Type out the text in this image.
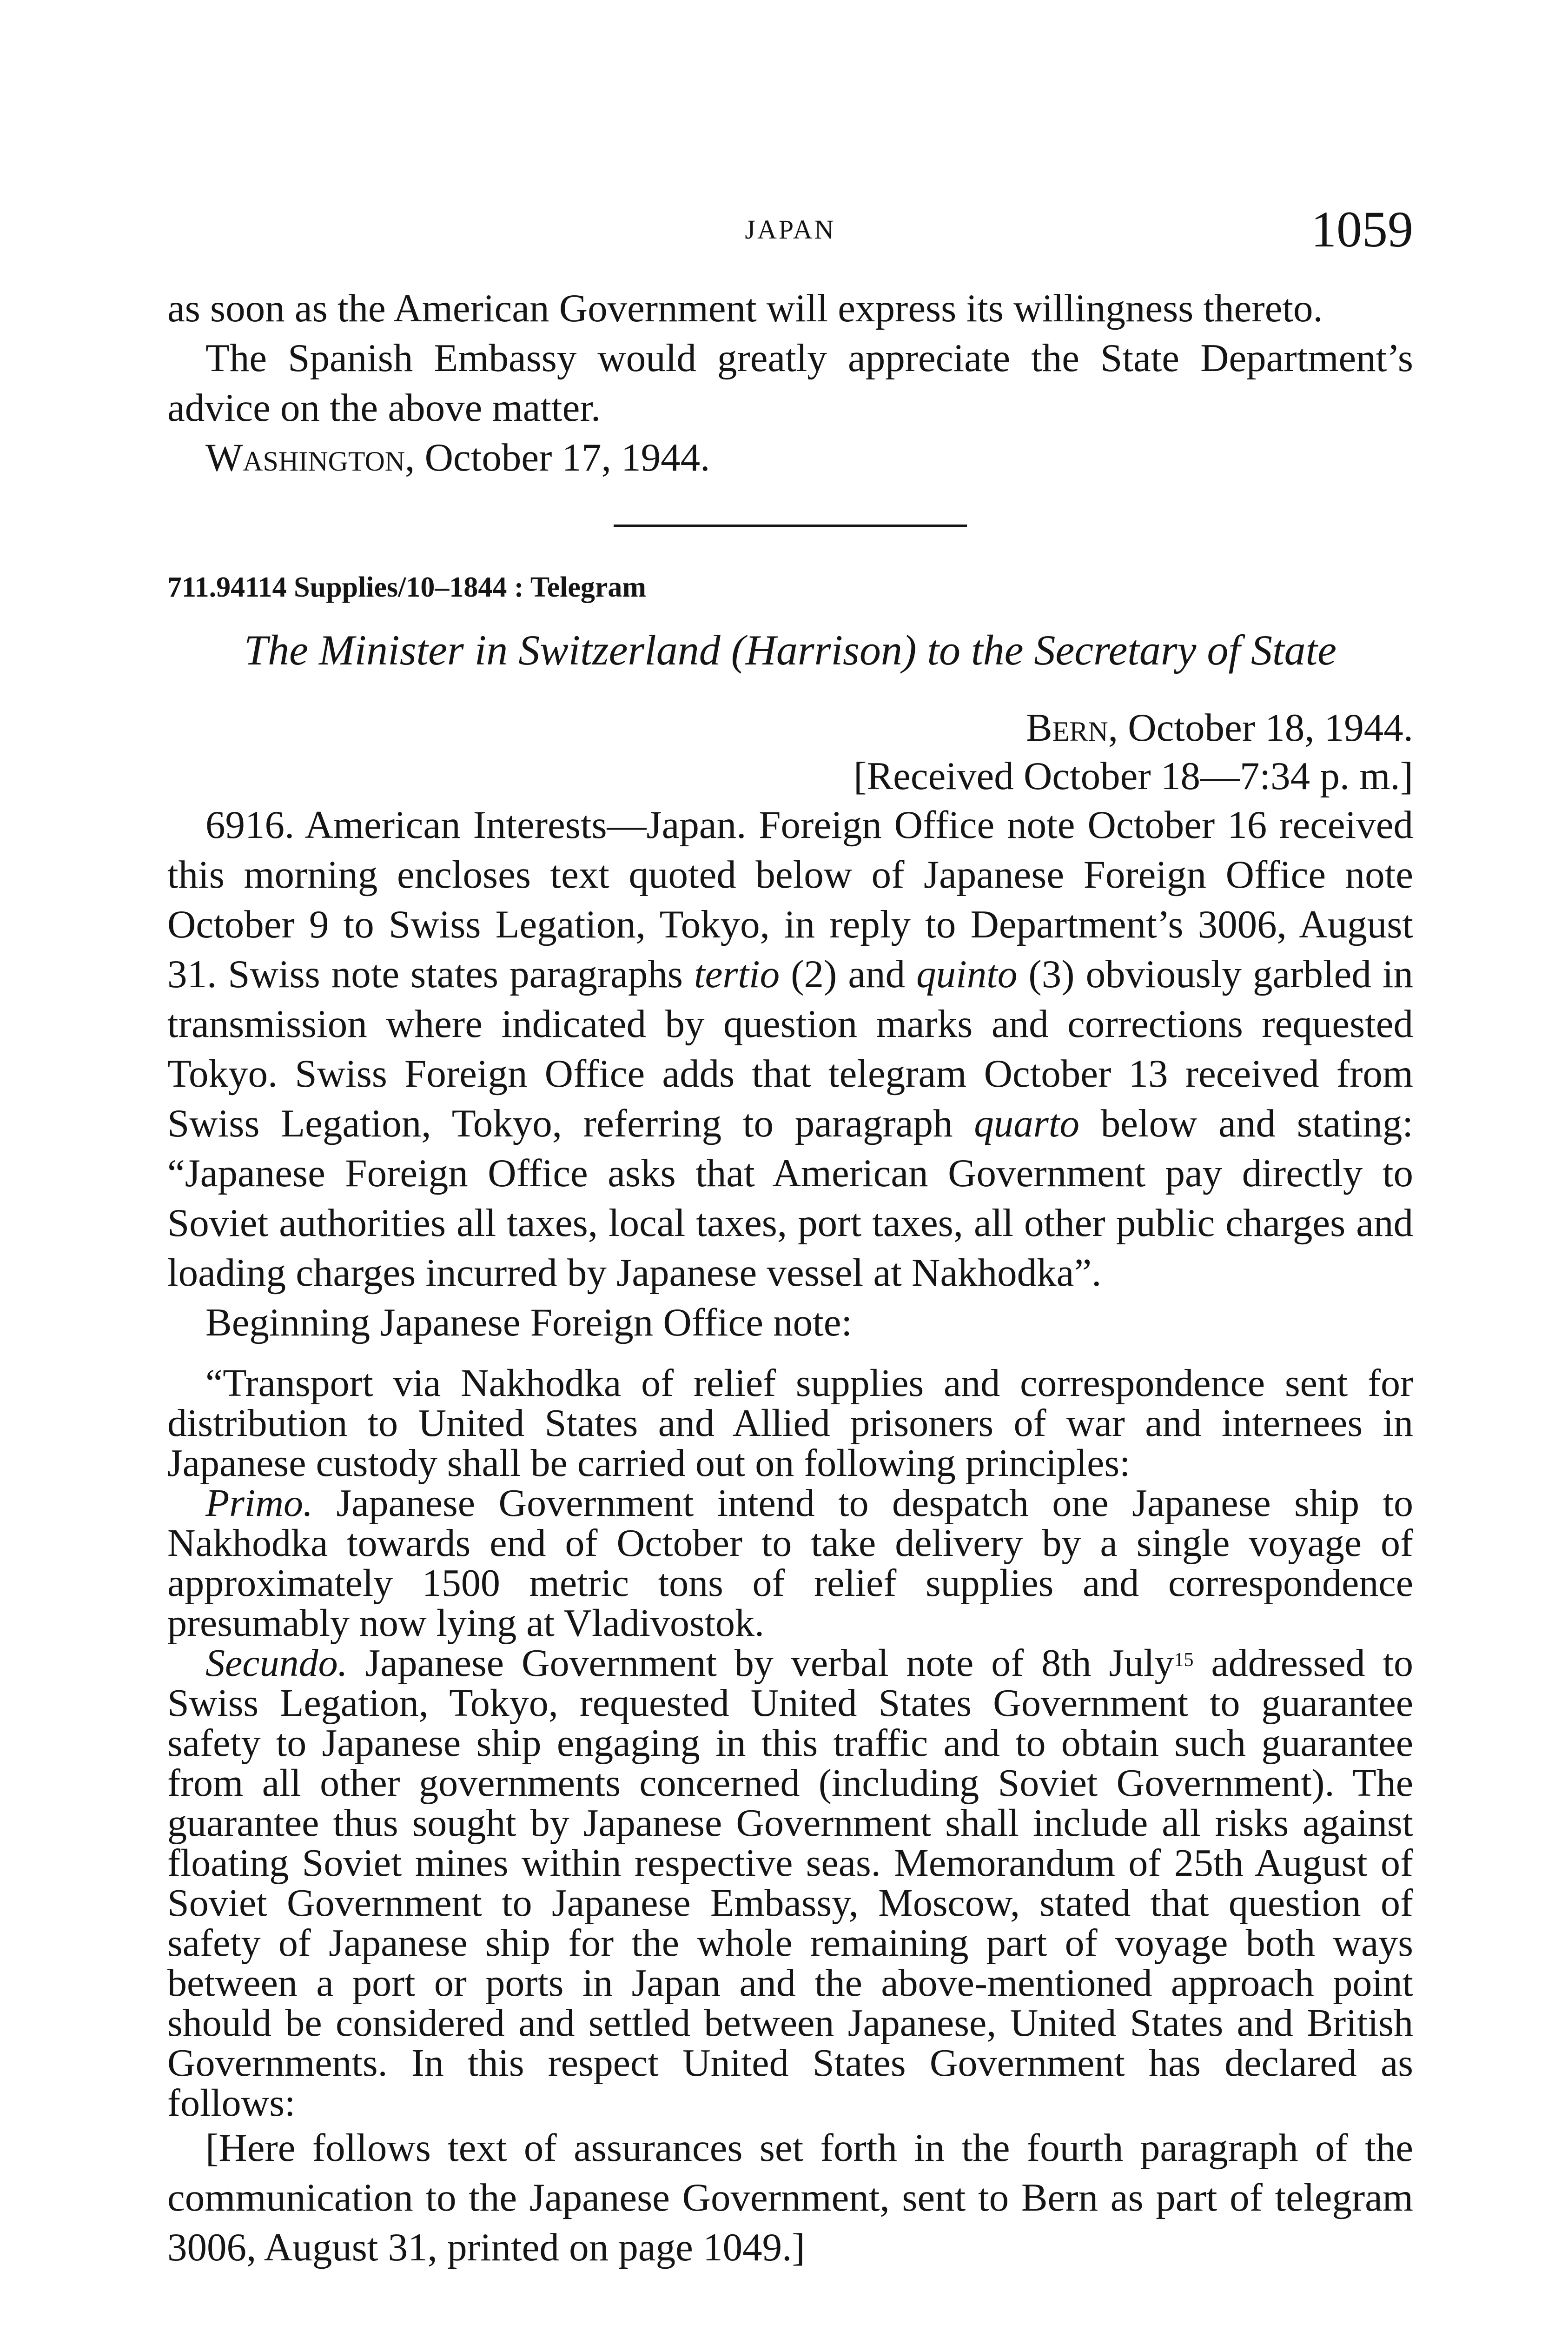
JAPAN	1059

as soon as the American Government will express its willingness thereto.

The Spanish Embassy would greatly appreciate the State Department’s advice on the above matter.

Washington, October 17, 1944.

711.94114 Supplies/10–1844 : Telegram
The Minister in Switzerland (Harrison) to the Secretary of State
Bern, October 18, 1944.
[Received October 18—7:34 p. m.]

6916. American Interests—Japan. Foreign Office note October 16 received this morning encloses text quoted below of Japanese Foreign Office note October 9 to Swiss Legation, Tokyo, in reply to Department’s 3006, August 31. Swiss note states paragraphs tertio (2) and quinto (3) obviously garbled in transmission where indicated by question marks and corrections requested Tokyo. Swiss Foreign Office adds that telegram October 13 received from Swiss Legation, Tokyo, referring to paragraph quarto below and stating: “Japanese Foreign Office asks that American Government pay directly to Soviet authorities all taxes, local taxes, port taxes, all other public charges and loading charges incurred by Japanese vessel at Nakhodka”.

Beginning Japanese Foreign Office note:

“Transport via Nakhodka of relief supplies and correspondence sent for distribution to United States and Allied prisoners of war and internees in Japanese custody shall be carried out on following principles:

Primo. Japanese Government intend to despatch one Japanese ship to Nakhodka towards end of October to take delivery by a single voyage of approximately 1500 metric tons of relief supplies and correspondence presumably now lying at Vladivostok.

Secundo. Japanese Government by verbal note of 8th July$^{15}$ addressed to Swiss Legation, Tokyo, requested United States Government to guarantee safety to Japanese ship engaging in this traffic and to obtain such guarantee from all other governments concerned (including Soviet Government). The guarantee thus sought by Japanese Government shall include all risks against floating Soviet mines within respective seas. Memorandum of 25th August of Soviet Government to Japanese Embassy, Moscow, stated that question of safety of Japanese ship for the whole remaining part of voyage both ways between a port or ports in Japan and the above-mentioned approach point should be considered and settled between Japanese, United States and British Governments. In this respect United States Government has declared as follows:

[Here follows text of assurances set forth in the fourth paragraph of the communication to the Japanese Government, sent to Bern as part of telegram 3006, August 31, printed on page 1049.]
